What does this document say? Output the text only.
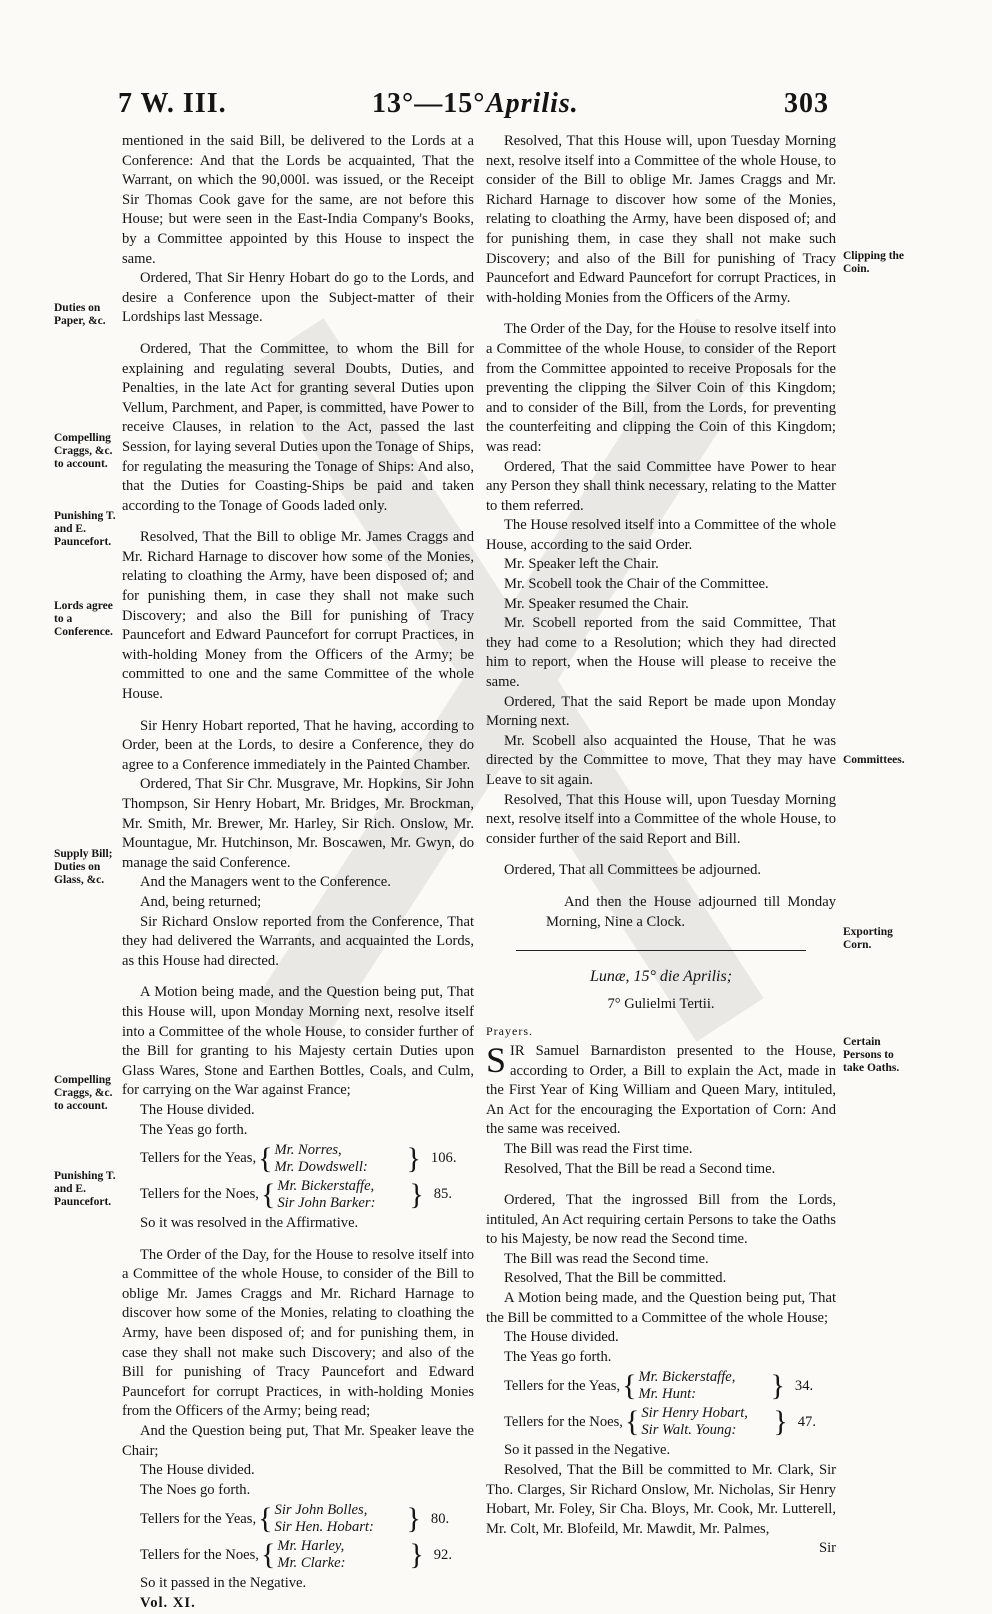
7 W. III.	13°—15° Aprilis.	303
Duties on Paper, &c.
Compelling Craggs, &c. to account.
Punishing T. and E. Pauncefort.
Lords agree to a Conference.
Supply Bill; Duties on Glass, &c.
Compelling Craggs, &c. to account.
Punishing T. and E. Pauncefort.
Clipping the Coin.
Committees.
Exporting Corn.
Certain Persons to take Oaths.

mentioned in the said Bill, be delivered to the Lords at a Conference: And that the Lords be acquainted, That the Warrant, on which the 90,000l. was issued, or the Receipt Sir Thomas Cook gave for the same, are not before this House; but were seen in the East-India Company's Books, by a Committee appointed by this House to inspect the same.

Ordered, That Sir Henry Hobart do go to the Lords, and desire a Conference upon the Subject-matter of their Lordships last Message.

Ordered, That the Committee, to whom the Bill for explaining and regulating several Doubts, Duties, and Penalties, in the late Act for granting several Duties upon Vellum, Parchment, and Paper, is committed, have Power to receive Clauses, in relation to the Act, passed the last Session, for laying several Duties upon the Tonage of Ships, for regulating the measuring the Tonage of Ships: And also, that the Duties for Coasting-Ships be paid and taken according to the Tonage of Goods laded only.

Resolved, That the Bill to oblige Mr. James Craggs and Mr. Richard Harnage to discover how some of the Monies, relating to cloathing the Army, have been disposed of; and for punishing them, in case they shall not make such Discovery; and also the Bill for punishing of Tracy Pauncefort and Edward Pauncefort for corrupt Practices, in with-holding Money from the Officers of the Army; be committed to one and the same Committee of the whole House.

Sir Henry Hobart reported, That he having, according to Order, been at the Lords, to desire a Conference, they do agree to a Conference immediately in the Painted Chamber.

Ordered, That Sir Chr. Musgrave, Mr. Hopkins, Sir John Thompson, Sir Henry Hobart, Mr. Bridges, Mr. Brockman, Mr. Smith, Mr. Brewer, Mr. Harley, Sir Rich. Onslow, Mr. Mountague, Mr. Hutchinson, Mr. Boscawen, Mr. Gwyn, do manage the said Conference.

And the Managers went to the Conference.

And, being returned;

Sir Richard Onslow reported from the Conference, That they had delivered the Warrants, and acquainted the Lords, as this House had directed.

A Motion being made, and the Question being put, That this House will, upon Monday Morning next, resolve itself into a Committee of the whole House, to consider further of the Bill for granting to his Majesty certain Duties upon Glass Wares, Stone and Earthen Bottles, Coals, and Culm, for carrying on the War against France;

The House divided.

The Yeas go forth.

Tellers for the Yeas, { Mr. Norres,
Mr. Dowdswell:	} 106.
Tellers for the Noes, { Mr. Bickerstaffe,
Sir John Barker:	} 85.

So it was resolved in the Affirmative.

The Order of the Day, for the House to resolve itself into a Committee of the whole House, to consider of the Bill to oblige Mr. James Craggs and Mr. Richard Harnage to discover how some of the Monies, relating to cloathing the Army, have been disposed of; and for punishing them, in case they shall not make such Discovery; and also of the Bill for punishing of Tracy Pauncefort and Edward Pauncefort for corrupt Practices, in with-holding Monies from the Officers of the Army; being read;

And the Question being put, That Mr. Speaker leave the Chair;

The House divided.

The Noes go forth.

Tellers for the Yeas, { Sir John Bolles,
Sir Hen. Hobart:	} 80.
Tellers for the Noes, { Mr. Harley,
Mr. Clarke:	} 92.

So it passed in the Negative.

Vol. XI.

Resolved, That this House will, upon Tuesday Morning next, resolve itself into a Committee of the whole House, to consider of the Bill to oblige Mr. James Craggs and Mr. Richard Harnage to discover how some of the Monies, relating to cloathing the Army, have been disposed of; and for punishing them, in case they shall not make such Discovery; and also of the Bill for punishing of Tracy Pauncefort and Edward Pauncefort for corrupt Practices, in with-holding Monies from the Officers of the Army.

The Order of the Day, for the House to resolve itself into a Committee of the whole House, to consider of the Report from the Committee appointed to receive Proposals for the preventing the clipping the Silver Coin of this Kingdom; and to consider of the Bill, from the Lords, for preventing the counterfeiting and clipping the Coin of this Kingdom; was read:

Ordered, That the said Committee have Power to hear any Person they shall think necessary, relating to the Matter to them referred.

The House resolved itself into a Committee of the whole House, according to the said Order.

Mr. Speaker left the Chair.

Mr. Scobell took the Chair of the Committee.

Mr. Speaker resumed the Chair.

Mr. Scobell reported from the said Committee, That they had come to a Resolution; which they had directed him to report, when the House will please to receive the same.

Ordered, That the said Report be made upon Monday Morning next.

Mr. Scobell also acquainted the House, That he was directed by the Committee to move, That they may have Leave to sit again.

Resolved, That this House will, upon Tuesday Morning next, resolve itself into a Committee of the whole House, to consider further of the said Report and Bill.

Ordered, That all Committees be adjourned.

And then the House adjourned till Monday Morning, Nine a Clock.

Lunæ, 15° die Aprilis;

7° Gulielmi Tertii.

Prayers.

SIR Samuel Barnardiston presented to the House, according to Order, a Bill to explain the Act, made in the First Year of King William and Queen Mary, intituled, An Act for the encouraging the Exportation of Corn: And the same was received.

The Bill was read the First time.

Resolved, That the Bill be read a Second time.

Ordered, That the ingrossed Bill from the Lords, intituled, An Act requiring certain Persons to take the Oaths to his Majesty, be now read the Second time.

The Bill was read the Second time.

Resolved, That the Bill be committed.

A Motion being made, and the Question being put, That the Bill be committed to a Committee of the whole House;

The House divided.

The Yeas go forth.

Tellers for the Yeas, { Mr. Bickerstaffe,
Mr. Hunt:	} 34.
Tellers for the Noes, { Sir Henry Hobart,
Sir Walt. Young:	} 47.

So it passed in the Negative.

Resolved, That the Bill be committed to Mr. Clark, Sir Tho. Clarges, Sir Richard Onslow, Mr. Nicholas, Sir Henry Hobart, Mr. Foley, Sir Cha. Bloys, Mr. Cook, Mr. Lutterell, Mr. Colt, Mr. Blofeild, Mr. Mawdit, Mr. Palmes,

Sir
